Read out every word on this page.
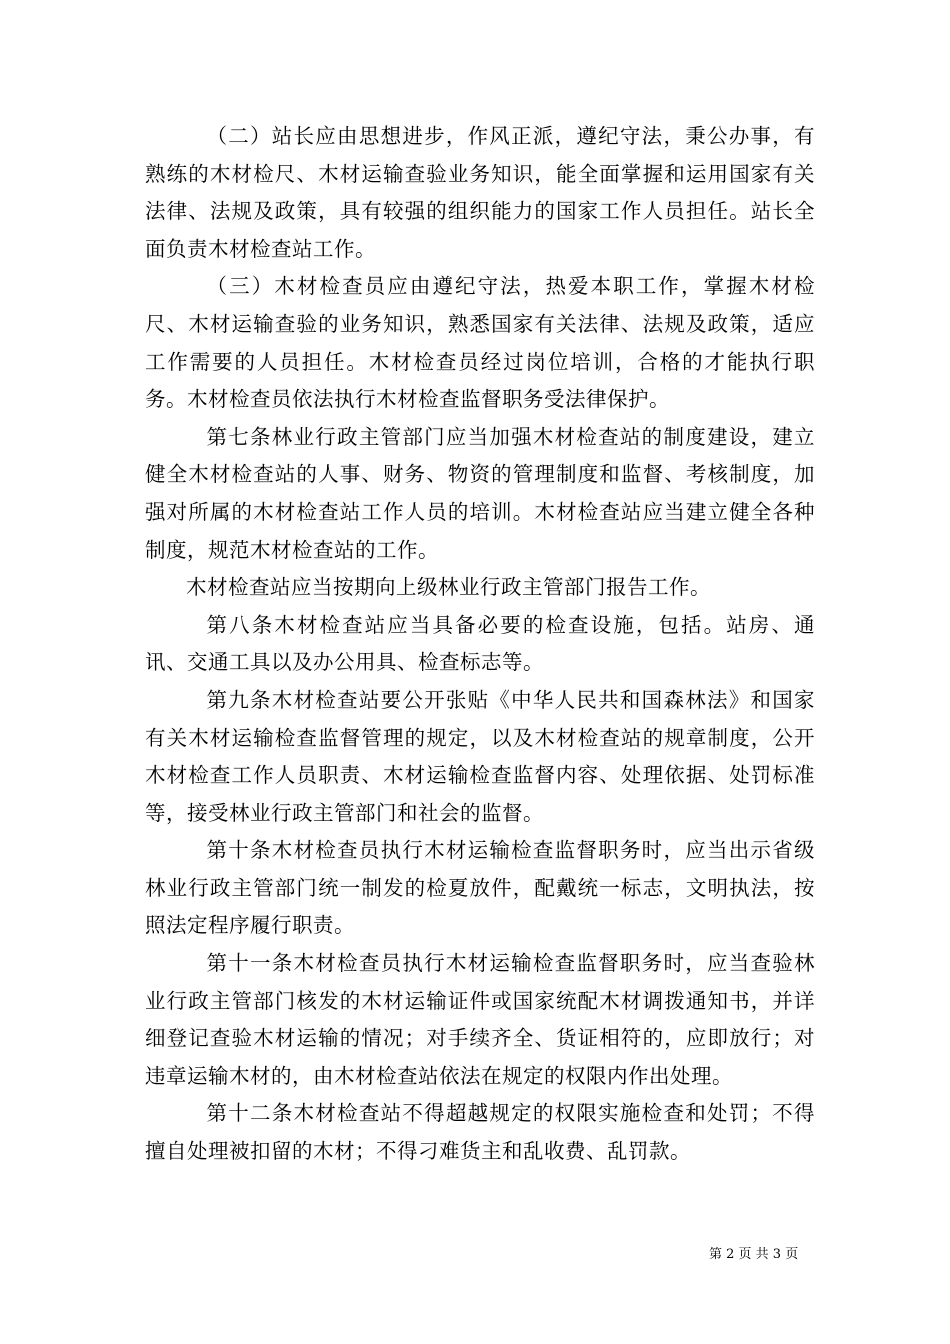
（二）站长应由思想进步，作风正派，遵纪守法，秉公办事，有熟练的木材检尺、木材运输查验业务知识，能全面掌握和运用国家有关法律、法规及政策，具有较强的组织能力的国家工作人员担任。站长全面负责木材检查站工作。

（三）木材检查员应由遵纪守法，热爱本职工作，掌握木材检尺、木材运输查验的业务知识，熟悉国家有关法律、法规及政策，适应工作需要的人员担任。木材检查员经过岗位培训，合格的才能执行职务。木材检查员依法执行木材检查监督职务受法律保护。

第七条林业行政主管部门应当加强木材检查站的制度建设，建立健全木材检查站的人事、财务、物资的管理制度和监督、考核制度，加强对所属的木材检查站工作人员的培训。木材检查站应当建立健全各种制度，规范木材检查站的工作。

木材检查站应当按期向上级林业行政主管部门报告工作。

第八条木材检查站应当具备必要的检查设施，包括。站房、通讯、交通工具以及办公用具、检查标志等。

第九条木材检查站要公开张贴《中华人民共和国森林法》和国家有关木材运输检查监督管理的规定，以及木材检查站的规章制度，公开木材检查工作人员职责、木材运输检查监督内容、处理依据、处罚标准等，接受林业行政主管部门和社会的监督。

第十条木材检查员执行木材运输检查监督职务时，应当出示省级林业行政主管部门统一制发的检夏放件，配戴统一标志，文明执法，按照法定程序履行职责。

第十一条木材检查员执行木材运输检查监督职务时，应当查验林业行政主管部门核发的木材运输证件或国家统配木材调拨通知书，并详细登记查验木材运输的情况；对手续齐全、货证相符的，应即放行；对违章运输木材的，由木材检查站依法在规定的权限内作出处理。

第十二条木材检查站不得超越规定的权限实施检查和处罚；不得擅自处理被扣留的木材；不得刁难货主和乱收费、乱罚款。

第 2 页 共 3 页
